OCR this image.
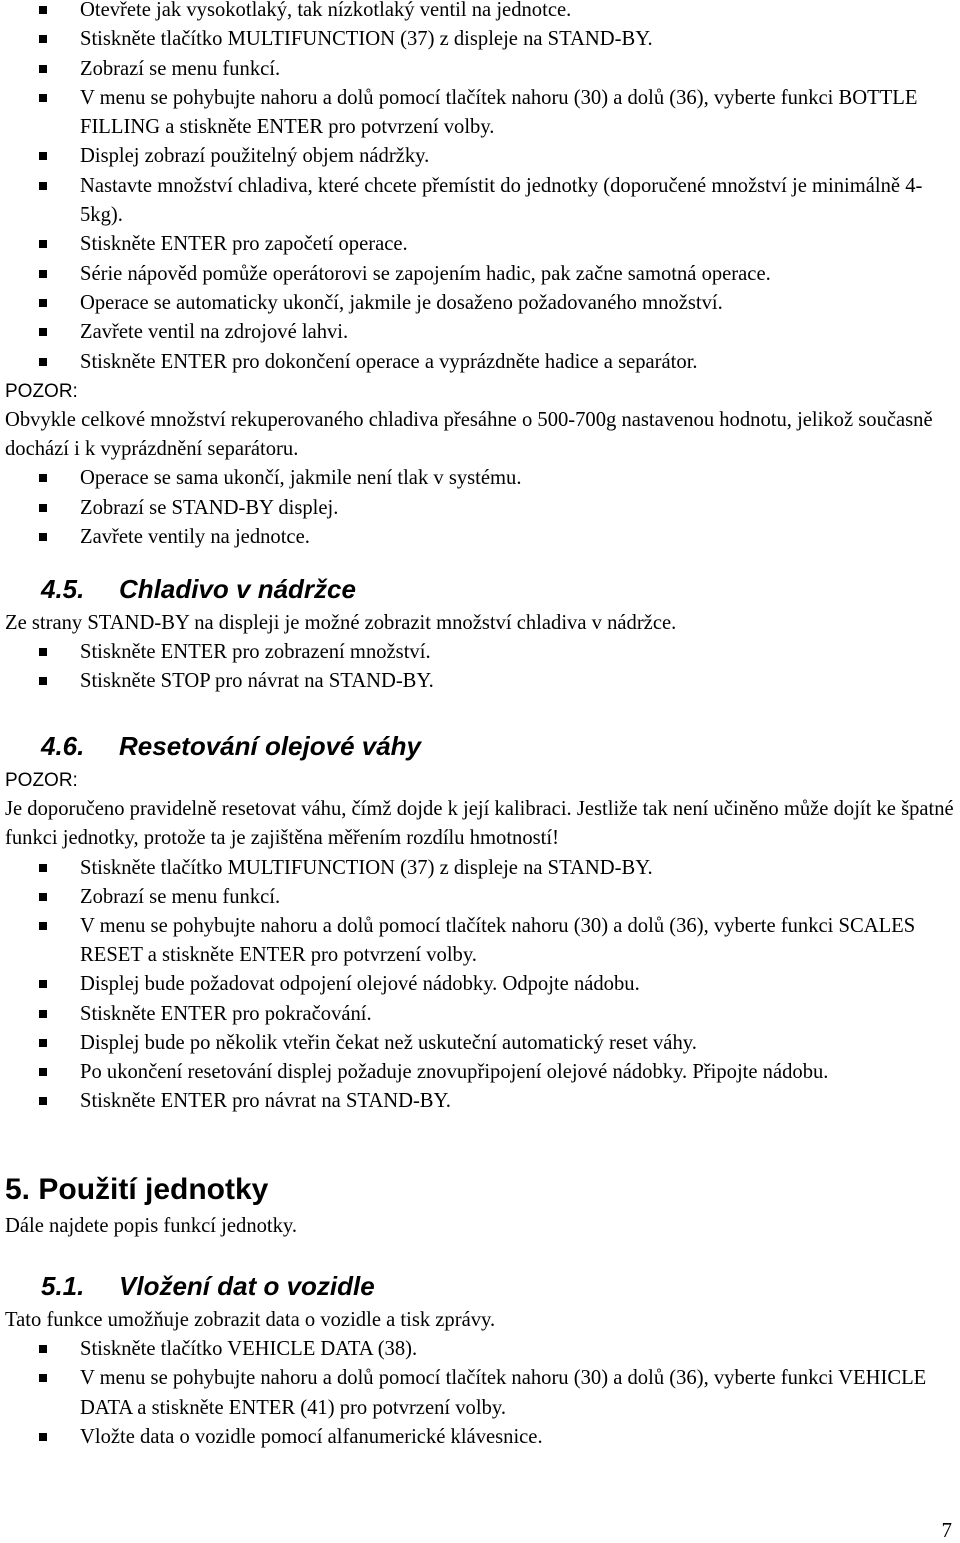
Otevřete jak vysokotlaký, tak nízkotlaký ventil na jednotce.
Stiskněte tlačítko MULTIFUNCTION (37) z displeje na STAND-BY.
Zobrazí se menu funkcí.
V menu se pohybujte nahoru a dolů pomocí tlačítek nahoru (30) a dolů (36), vyberte funkci BOTTLE FILLING a stiskněte ENTER pro potvrzení volby.
Displej zobrazí použitelný objem nádržky.
Nastavte množství chladiva, které chcete přemístit do jednotky (doporučené množství je minimálně 4-5kg).
Stiskněte ENTER pro započetí operace.
Série nápověd pomůže operátorovi se zapojením hadic, pak začne samotná operace.
Operace se automaticky ukončí, jakmile je dosaženo požadovaného množství.
Zavřete ventil na zdrojové lahvi.
Stiskněte ENTER pro dokončení operace a vyprázdněte hadice a separátor.

POZOR:

Obvykle celkové množství rekuperovaného chladiva přesáhne o 500-700g nastavenou hodnotu, jelikož současně dochází i k vyprázdnění separátoru.

Operace se sama ukončí, jakmile není tlak v systému.
Zobrazí se STAND-BY displej.
Zavřete ventily na jednotce.
4.5. Chladivo v nádržce

Ze strany STAND-BY na displeji je možné zobrazit množství chladiva v nádržce.

Stiskněte ENTER pro zobrazení množství.
Stiskněte STOP pro návrat na STAND-BY.
4.6. Resetování olejové váhy

POZOR:

Je doporučeno pravidelně resetovat váhu, čímž dojde k její kalibraci. Jestliže tak není učiněno může dojít ke špatné funkci jednotky, protože ta je zajištěna měřením rozdílu hmotností!

Stiskněte tlačítko MULTIFUNCTION (37) z displeje na STAND-BY.
Zobrazí se menu funkcí.
V menu se pohybujte nahoru a dolů pomocí tlačítek nahoru (30) a dolů (36), vyberte funkci SCALES RESET a stiskněte ENTER pro potvrzení volby.
Displej bude požadovat odpojení olejové nádobky. Odpojte nádobu.
Stiskněte ENTER pro pokračování.
Displej bude po několik vteřin čekat než uskuteční automatický reset váhy.
Po ukončení resetování displej požaduje znovupřipojení olejové nádobky. Připojte nádobu.
Stiskněte ENTER pro návrat na STAND-BY.
5. Použití jednotky

Dále najdete popis funkcí jednotky.

5.1. Vložení dat o vozidle

Tato funkce umožňuje zobrazit data o vozidle a tisk zprávy.

Stiskněte tlačítko VEHICLE DATA (38).
V menu se pohybujte nahoru a dolů pomocí tlačítek nahoru (30) a dolů (36), vyberte funkci VEHICLE DATA a stiskněte ENTER (41) pro potvrzení volby.
Vložte data o vozidle pomocí alfanumerické klávesnice.
7
